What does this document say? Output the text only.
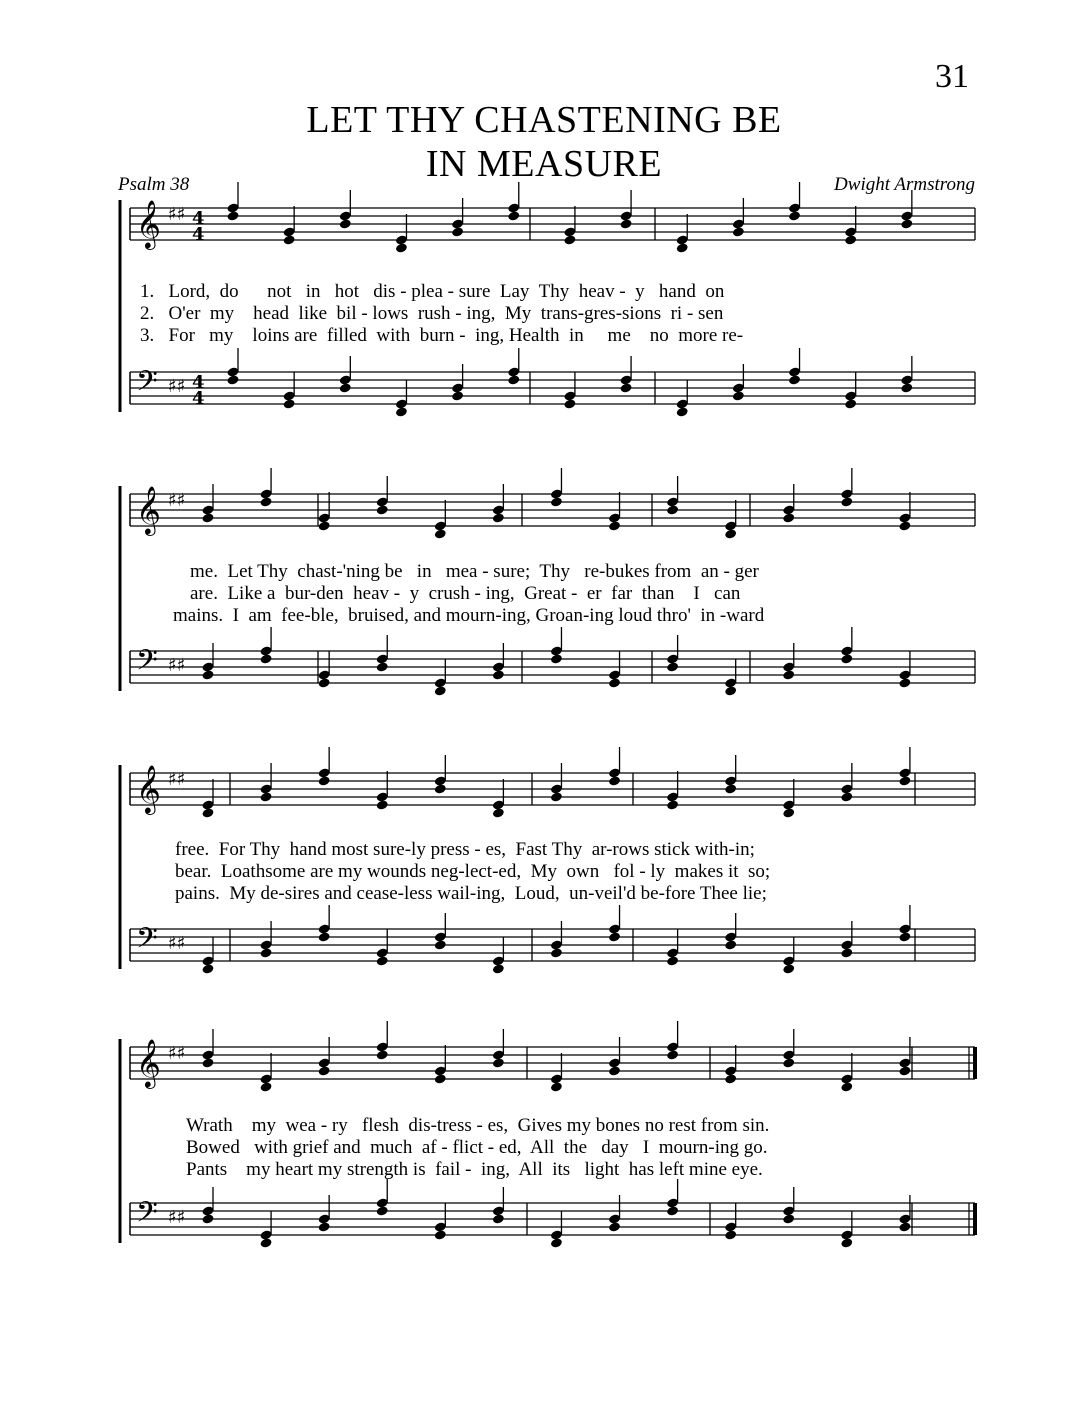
31
LET THY CHASTENING BE
IN MEASURE
Psalm 38	Dwight Armstrong
𝄞 ♯♯ 4
4
𝄢 ♯♯ 4
4
𝄞 ♯♯
𝄢 ♯♯
𝄞 ♯♯
𝄢 ♯♯
𝄞 ♯♯
𝄢 ♯♯
1.   Lord,  do      not   in   hot   dis - plea - sure  Lay  Thy  heav -  y   hand  on
2.   O'er  my    head  like  bil - lows  rush - ing,  My  trans-gres-sions  ri - sen
3.   For   my    loins are  filled  with  burn -  ing, Health  in     me    no  more re-
me.  Let Thy  chast-'ning be   in   mea - sure;  Thy   re-bukes from  an - ger
are.  Like a  bur-den  heav -  y  crush - ing,  Great -  er  far  than    I   can
mains.  I  am  fee-ble,  bruised, and mourn-ing, Groan-ing loud thro'  in -ward
free.  For Thy  hand most sure-ly press - es,  Fast Thy  ar-rows stick with-in;
bear.  Loathsome are my wounds neg-lect-ed,  My  own   fol - ly  makes it  so;
pains.  My de-sires and cease-less wail-ing,  Loud,  un-veil'd be-fore Thee lie;
Wrath    my  wea - ry   flesh  dis-tress - es,  Gives my bones no rest from sin.
Bowed   with grief and  much  af - flict - ed,  All  the   day   I  mourn-ing go.
Pants    my heart my strength is  fail -  ing,  All  its   light  has left mine eye.
